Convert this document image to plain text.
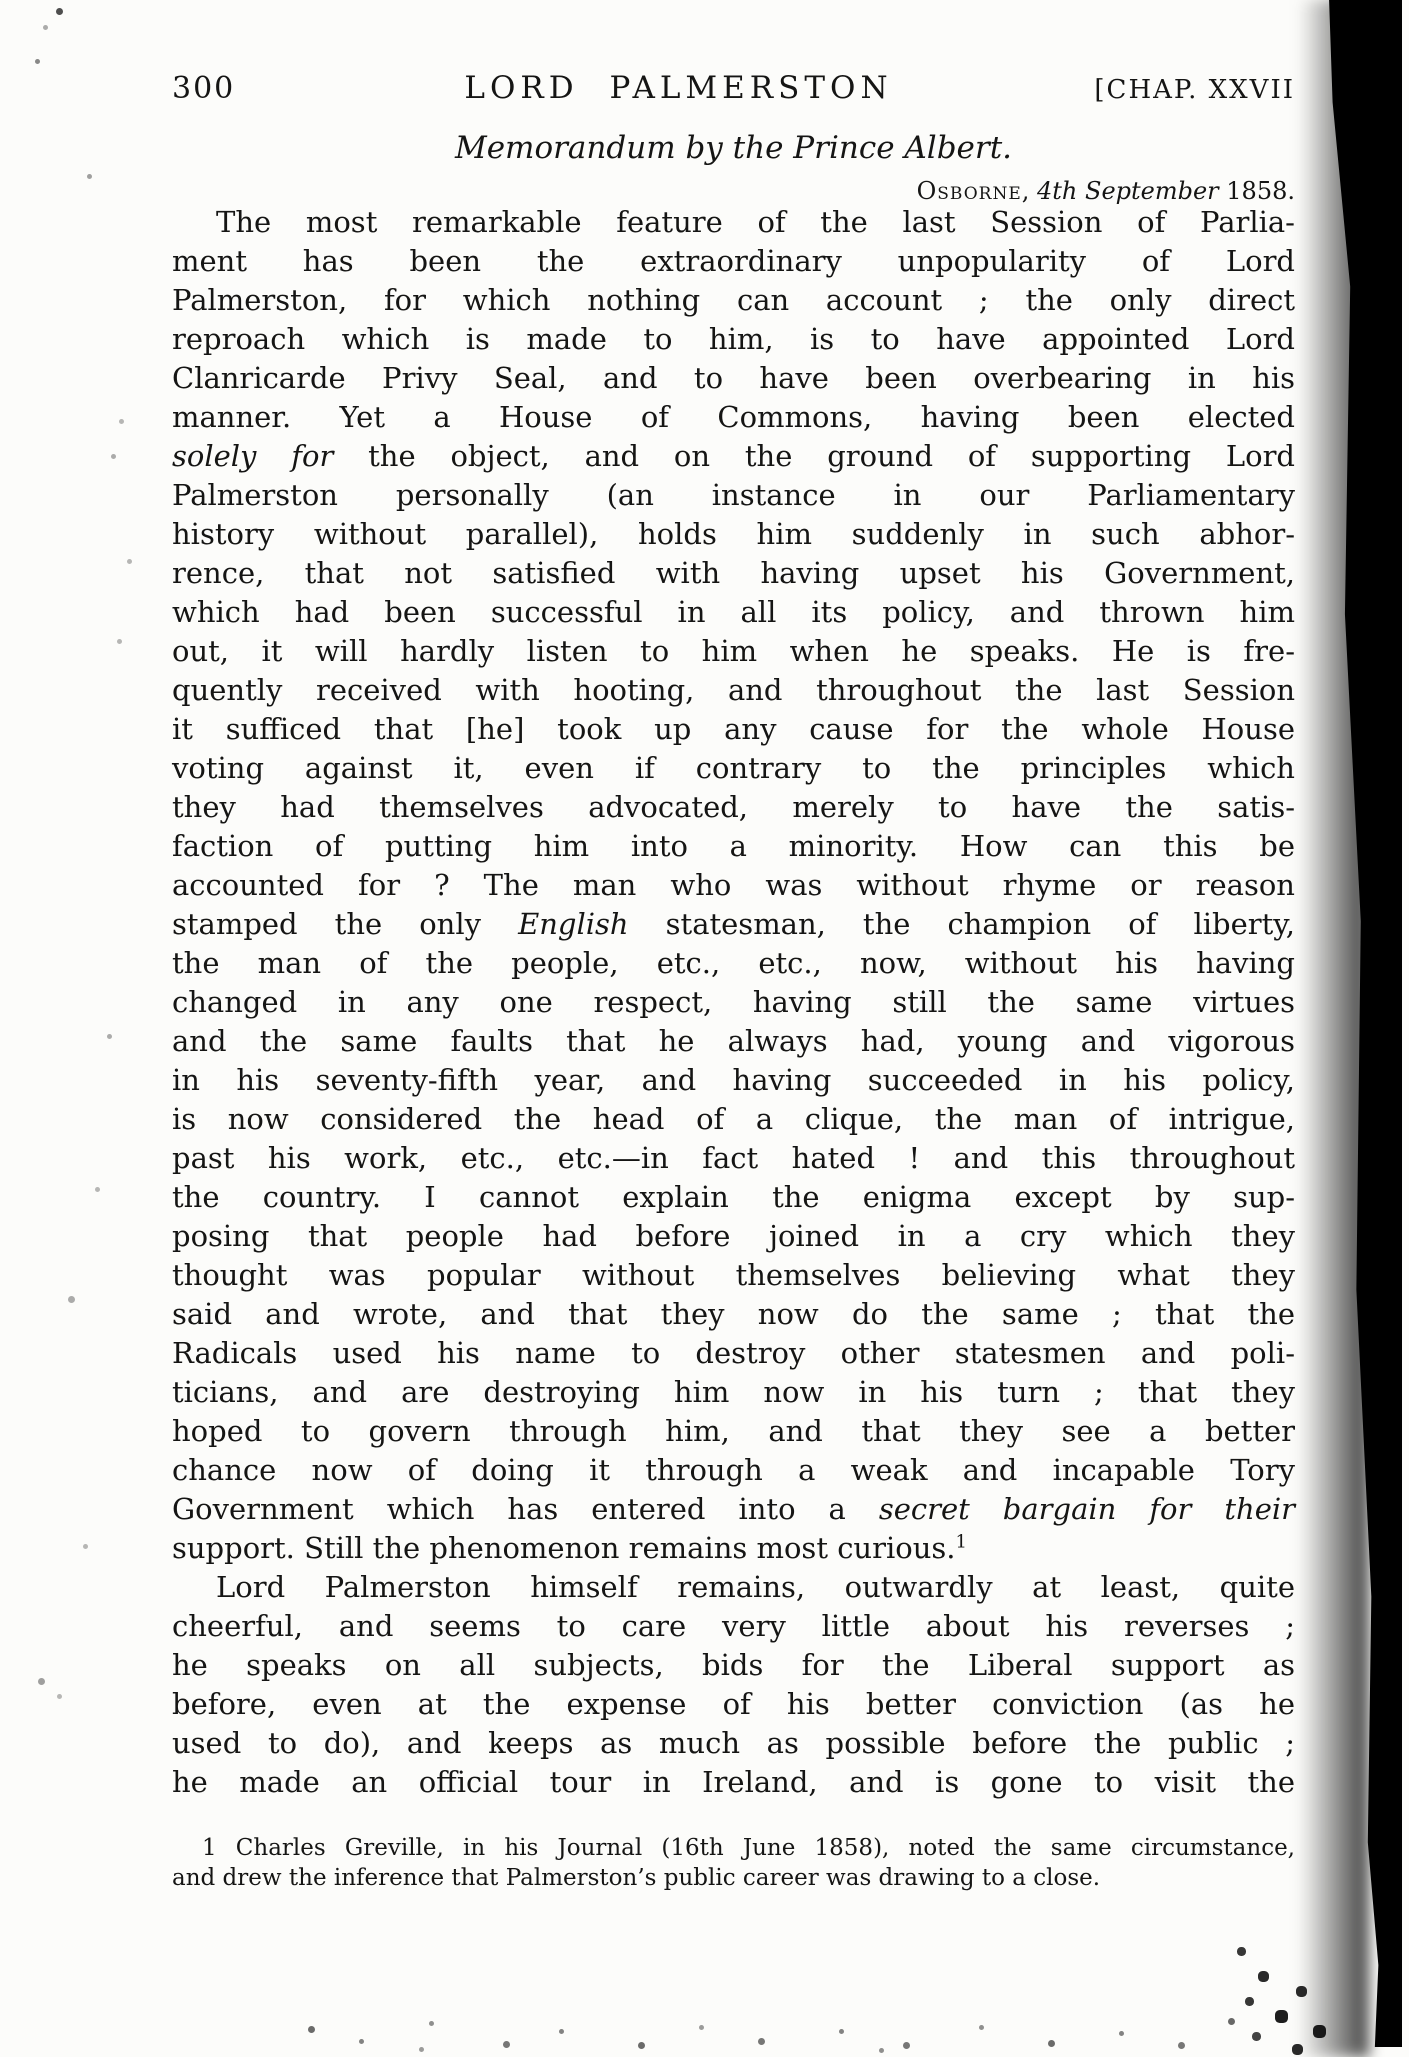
300	LORD PALMERSTON	[CHAP. XXVII
Memorandum by the Prince Albert.
Osborne, 4th September 1858.
The most remarkable feature of the last Session of Parlia-
ment has been the extraordinary unpopularity of Lord
Palmerston, for which nothing can account ; the only direct
reproach which is made to him, is to have appointed Lord
Clanricarde Privy Seal, and to have been overbearing in his
manner. Yet a House of Commons, having been elected
solely for the object, and on the ground of supporting Lord
Palmerston personally (an instance in our Parliamentary
history without parallel), holds him suddenly in such abhor-
rence, that not satisfied with having upset his Government,
which had been successful in all its policy, and thrown him
out, it will hardly listen to him when he speaks. He is fre-
quently received with hooting, and throughout the last Session
it sufficed that [he] took up any cause for the whole House
voting against it, even if contrary to the principles which
they had themselves advocated, merely to have the satis-
faction of putting him into a minority. How can this be
accounted for ? The man who was without rhyme or reason
stamped the only English statesman, the champion of liberty,
the man of the people, etc., etc., now, without his having
changed in any one respect, having still the same virtues
and the same faults that he always had, young and vigorous
in his seventy-fifth year, and having succeeded in his policy,
is now considered the head of a clique, the man of intrigue,
past his work, etc., etc.—in fact hated ! and this throughout
the country. I cannot explain the enigma except by sup-
posing that people had before joined in a cry which they
thought was popular without themselves believing what they
said and wrote, and that they now do the same ; that the
Radicals used his name to destroy other statesmen and poli-
ticians, and are destroying him now in his turn ; that they
hoped to govern through him, and that they see a better
chance now of doing it through a weak and incapable Tory
Government which has entered into a secret bargain for their
support. Still the phenomenon remains most curious.$^1$
Lord Palmerston himself remains, outwardly at least, quite
cheerful, and seems to care very little about his reverses ;
he speaks on all subjects, bids for the Liberal support as
before, even at the expense of his better conviction (as he
used to do), and keeps as much as possible before the public ;
he made an official tour in Ireland, and is gone to visit the
1 Charles Greville, in his Journal (16th June 1858), noted the same circumstance,
and drew the inference that Palmerston’s public career was drawing to a close.
